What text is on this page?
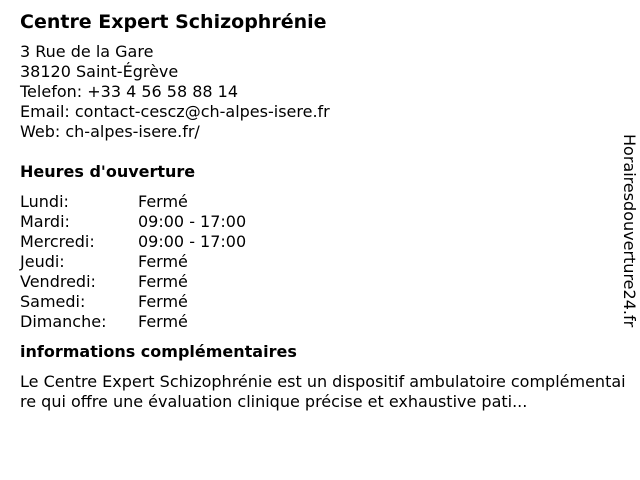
Centre Expert Schizophrénie
3 Rue de la Gare
38120 Saint-Égrève
Telefon: +33 4 56 58 88 14
Email: contact-cescz@ch-alpes-isere.fr
Web: ch-alpes-isere.fr/
Heures d'ouverture
Lundi:	Fermé
Mardi:	09:00 - 17:00
Mercredi:	09:00 - 17:00
Jeudi:	Fermé
Vendredi:	Fermé
Samedi:	Fermé
Dimanche:	Fermé
informations complémentaires
Le Centre Expert Schizophrénie est un dispositif ambulatoire complémentaire qui offre une évaluation clinique précise et exhaustive pati...
Horairesdouverture24.fr
